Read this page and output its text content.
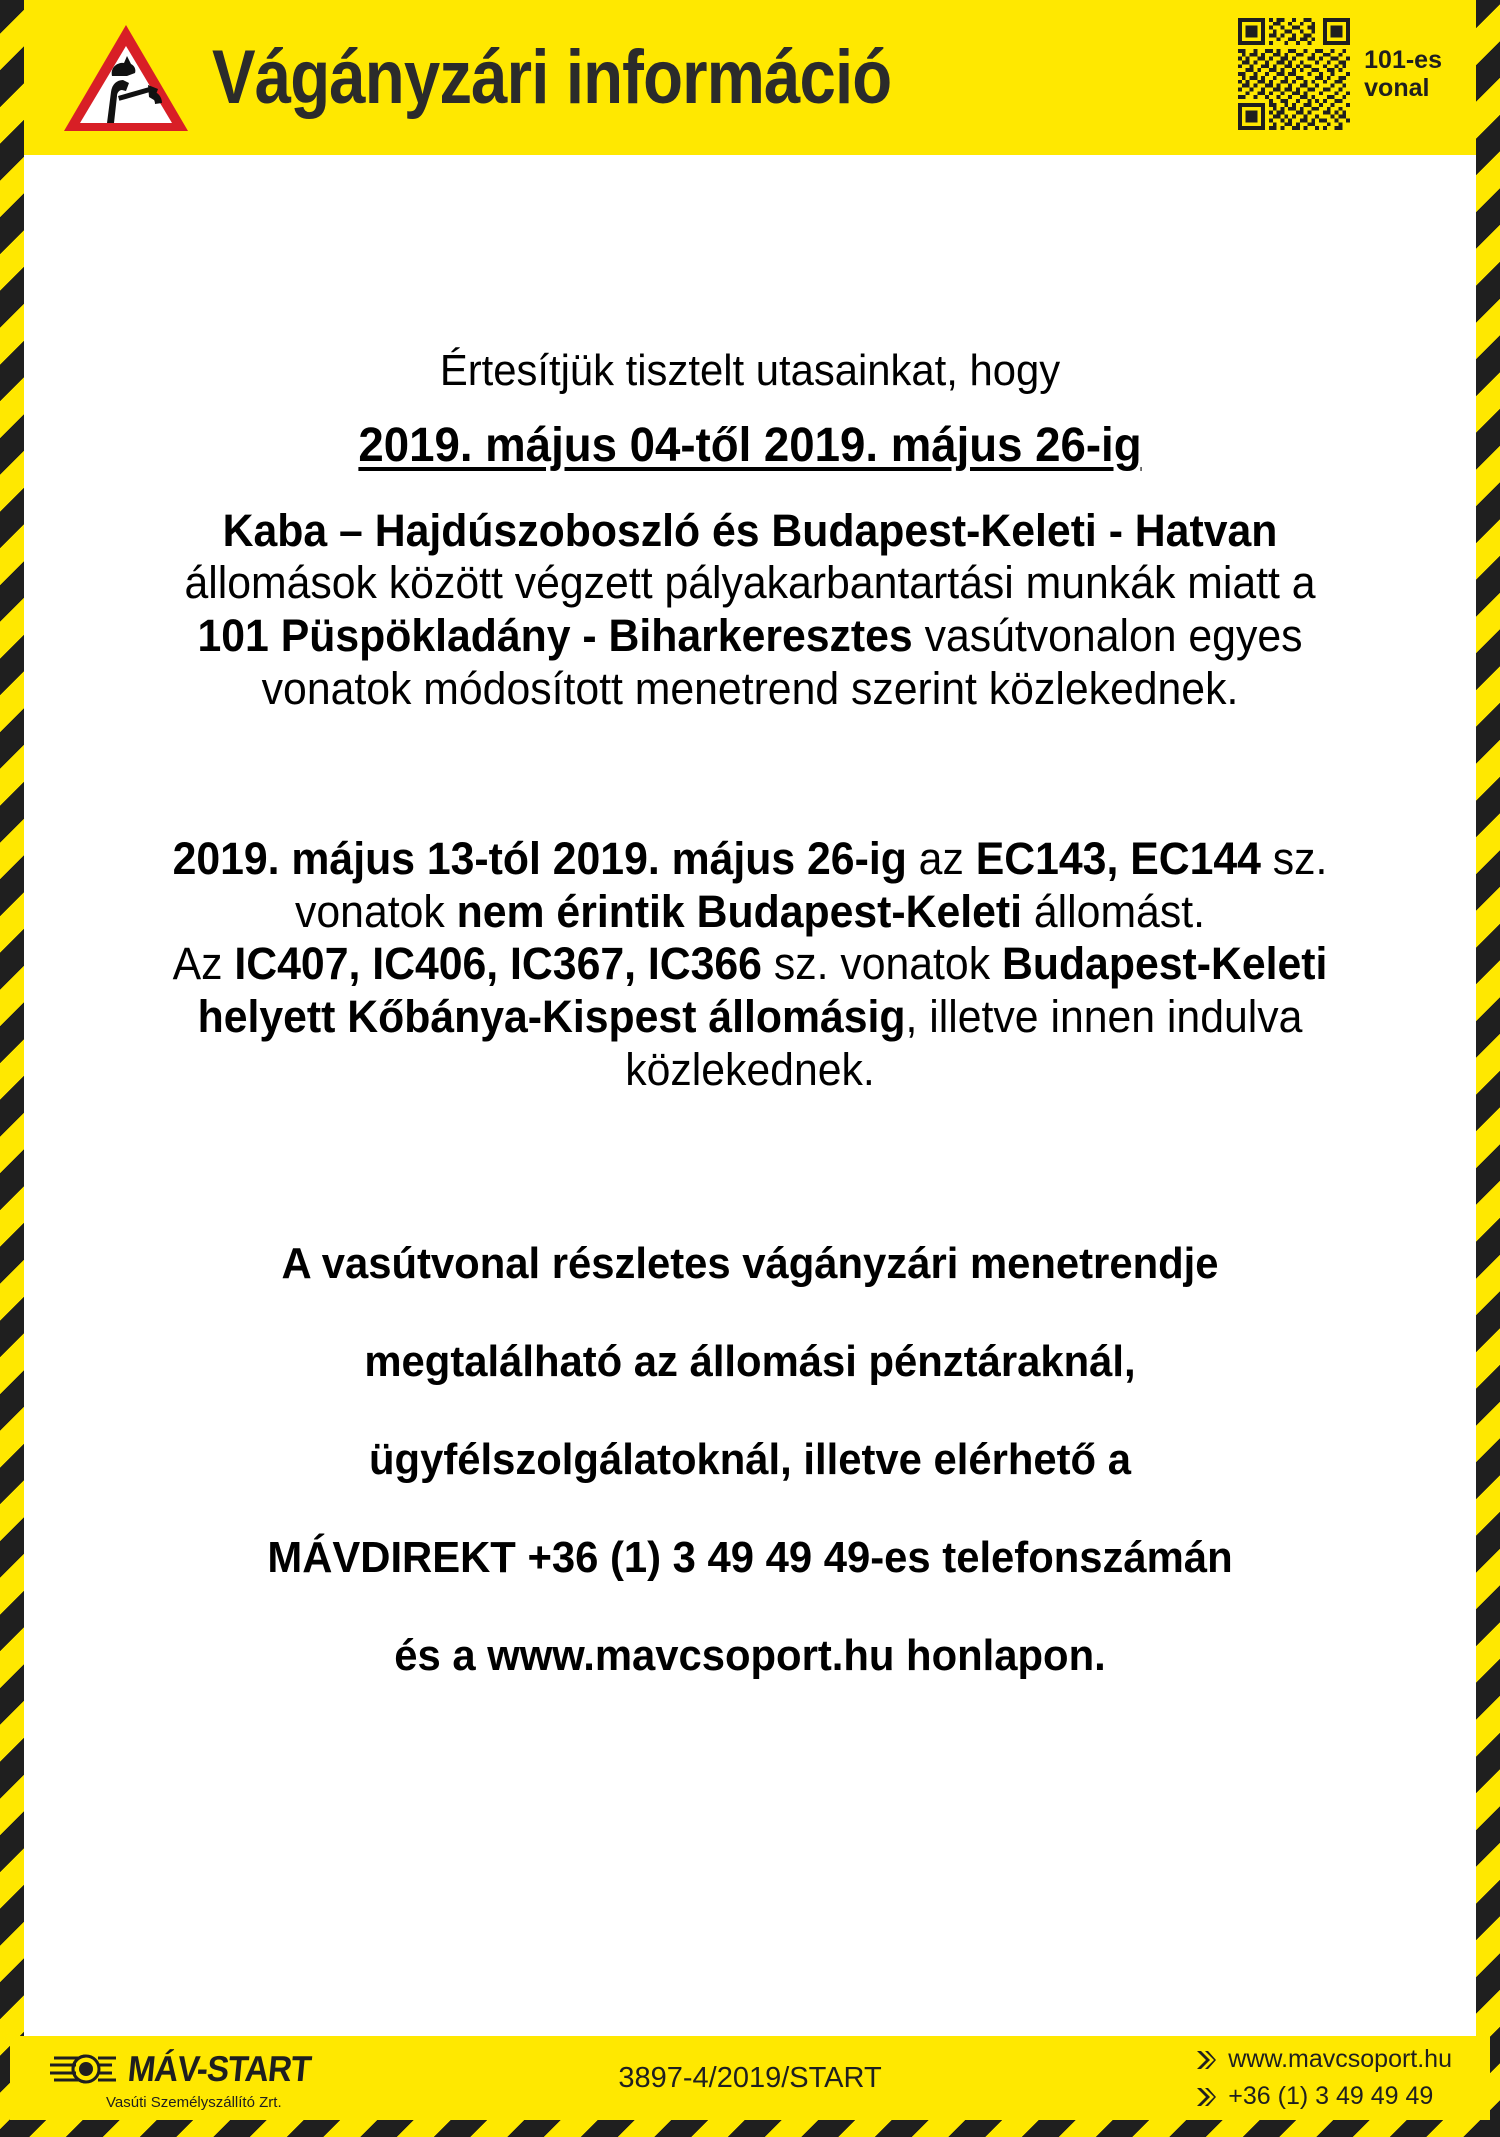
Vágányzári információ	101-es
vonal
Értesítjük tisztelt utasainkat, hogy
2019. május 04-től 2019. május 26-ig
Kaba – Hajdúszoboszló és Budapest-Keleti - Hatvan
állomások között végzett pályakarbantartási munkák miatt a
101 Püspökladány - Biharkeresztes vasútvonalon egyes
vonatok módosított menetrend szerint közlekednek.
2019. május 13-tól 2019. május 26-ig az EC143, EC144 sz.
vonatok nem érintik Budapest-Keleti állomást.
Az IC407, IC406, IC367, IC366 sz. vonatok Budapest-Keleti
helyett Kőbánya-Kispest állomásig, illetve innen indulva
közlekednek.
A vasútvonal részletes vágányzári menetrendje
megtalálható az állomási pénztáraknál,
ügyfélszolgálatoknál, illetve elérhető a
MÁVDIREKT +36 (1) 3 49 49 49-es telefonszámán
és a www.mavcsoport.hu honlapon.
MÁV-START
Vasúti Személyszállító Zrt.
3897-4/2019/START
www.mavcsoport.hu
+36 (1) 3 49 49 49
